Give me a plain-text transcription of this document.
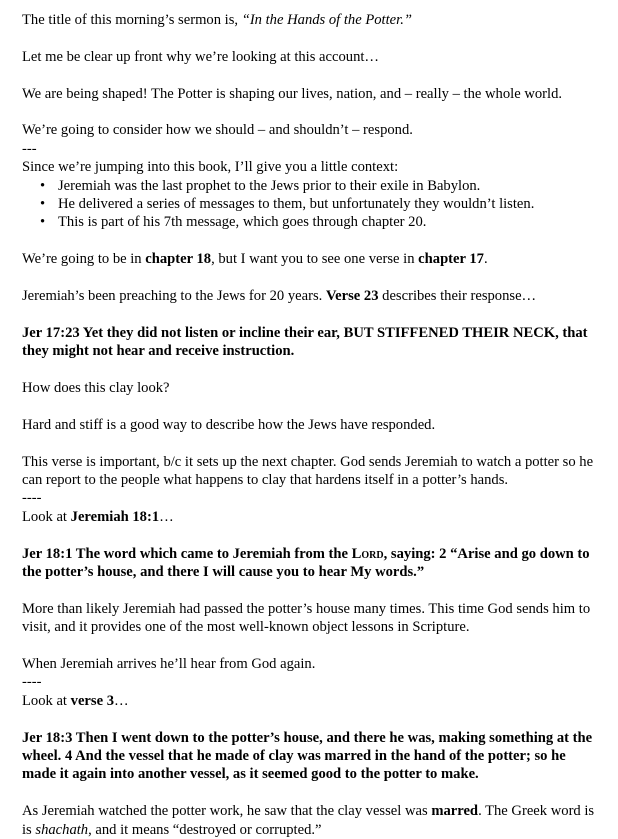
The title of this morning’s sermon is, “In the Hands of the Potter.”

Let me be clear up front why we’re looking at this account…

We are being shaped! The Potter is shaping our lives, nation, and – really – the whole world.

We’re going to consider how we should – and shouldn’t – respond.

---

Since we’re jumping into this book, I’ll give you a little context:

• Jeremiah was the last prophet to the Jews prior to their exile in Babylon.
• He delivered a series of messages to them, but unfortunately they wouldn’t listen.
• This is part of his 7th message, which goes through chapter 20.

We’re going to be in chapter 18, but I want you to see one verse in chapter 17.

Jeremiah’s been preaching to the Jews for 20 years. Verse 23 describes their response…

Jer 17:23 Yet they did not listen or incline their ear, BUT STIFFENED THEIR NECK, that they might not hear and receive instruction.

How does this clay look?

Hard and stiff is a good way to describe how the Jews have responded.

This verse is important, b/c it sets up the next chapter. God sends Jeremiah to watch a potter so he can report to the people what happens to clay that hardens itself in a potter’s hands.

----

Look at Jeremiah 18:1…

Jer 18:1 The word which came to Jeremiah from the Lord, saying: 2 “Arise and go down to the potter’s house, and there I will cause you to hear My words.”

More than likely Jeremiah had passed the potter’s house many times. This time God sends him to visit, and it provides one of the most well-known object lessons in Scripture.

When Jeremiah arrives he’ll hear from God again.

----

Look at verse 3…

Jer 18:3 Then I went down to the potter’s house, and there he was, making something at the wheel. 4 And the vessel that he made of clay was marred in the hand of the potter; so he made it again into another vessel, as it seemed good to the potter to make.

As Jeremiah watched the potter work, he saw that the clay vessel was marred. The Greek word is is shachath, and it means “destroyed or corrupted.”
